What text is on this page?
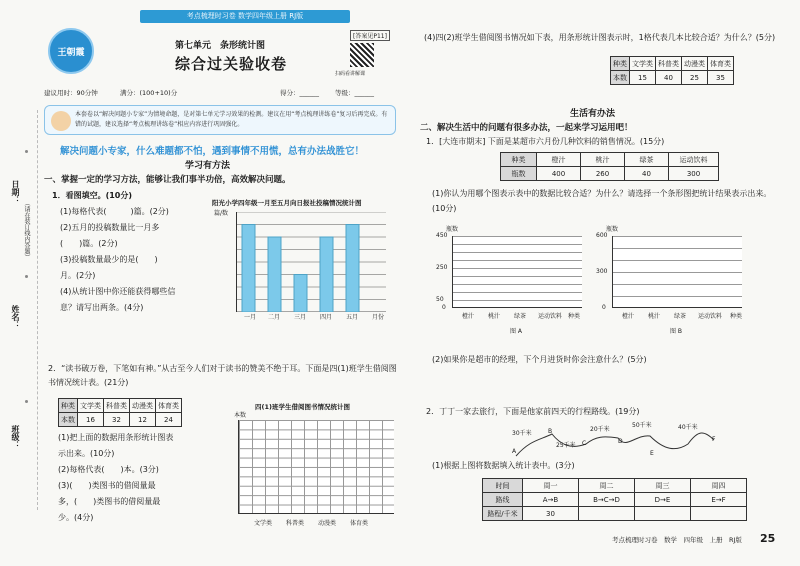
考点梳理时习卷 数学四年级上册 RJ版
日期：
（请在装订线内答题）
姓名：
班级：
王朝霞
第七单元　条形统计图
综合过关验收卷
[答案见P11]
扫码看讲解课
建议用时：90分钟	满分：(100+10)分	得分：______ 等级：______
本套卷以“解决问题小专家”为情境命题，是对第七单元学习效果的检测。建议在用“考点梳理讲练卷”复习后再完成。有错的试题，建议选择“考点梳理讲练卷”相应内容进行巩固强化。
解决问题小专家，什么难题都不怕，遇到事情不用慌，总有办法战胜它！
学习有方法
一、掌握一定的学习方法，能够让我们事半功倍，高效解决问题。
1．看图填空。(10分)
(1)每格代表(　　　)篇。(2分)
(2)五月的投稿数量比一月多
(　　)篇。(2分)
(3)投稿数量最少的是(　　)
月。(2分)
(4)从统计图中你还能获得哪些信
息？请写出两条。(4分)
阳光小学四年级一月至五月向日报社投稿情况统计图
篇/数
一月 二月 三月 四月 五月 月份
2．“读书破万卷，下笔如有神。”从古至今人们对于读书的赞美不绝于耳。下面是四(1)班学生借阅图书情况统计表。(21分)
种类	文学类	科普类	动漫类	体育类
本数	16	32	12	24
(1)把上面的数据用条形统计图表
示出来。(10分)
(2)每格代表(　　)本。(3分)
(3)(　　)类图书的借阅量最
多，(　　)类图书的借阅量最
少。(4分)
四(1)班学生借阅图书情况统计图
本数
文学类 科普类 动漫类 体育类
(4)四(2)班学生借阅图书情况如下表，用条形统计图表示时，1格代表几本比较合适？为什么？(5分)
种类	文学类	科普类	动漫类	体育类
本数	15	40	25	35
生活有办法
二、解决生活中的问题有很多办法，一起来学习运用吧！
1．[大连市期末] 下面是某超市六月份几种饮料的销售情况。(15分)
种类	橙汁	桃汁	绿茶	运动饮料
瓶数	400	260	40	300
(1)你认为用哪个图表示表中的数据比较合适？为什么？请选择一个条形图把统计结果表示出来。(10分)
瓶数
450
250
50
0
橙汁 桃汁 绿茶 运动饮料 种类
图 A
瓶数
600
300
0
橙汁 桃汁 绿茶 运动饮料 种类
图 B
(2)如果你是超市的经理，下个月进货时你会注意什么？(5分)
2．丁丁一家去旅行，下面是他家前四天的行程路线。(19分)
A
B
C	D
E
F
30千米
25千米
20千米
50千米	40千米
(1)根据上图将数据填入统计表中。(3分)
时间	周一	周二	周三	周四
路线	A→B	B→C→D	D→E	E→F
路程/千米	30			
考点梳理时习卷　数学　四年级　上册　RJ版 25
